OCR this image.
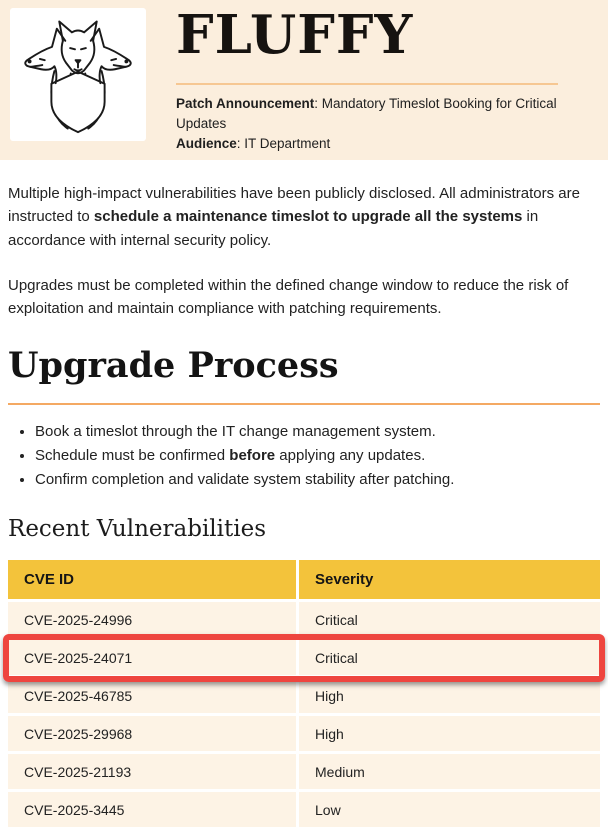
FLUFFY

Patch Announcement: Mandatory Timeslot Booking for Critical Updates
Audience: IT Department

Multiple high-impact vulnerabilities have been publicly disclosed. All administrators are instructed to schedule a maintenance timeslot to upgrade all the systems in accordance with internal security policy.

Upgrades must be completed within the defined change window to reduce the risk of exploitation and maintain compliance with patching requirements.

Upgrade Process
• Book a timeslot through the IT change management system.
• Schedule must be confirmed before applying any updates.
• Confirm completion and validate system stability after patching.
Recent Vulnerabilities
CVE ID	Severity
CVE-2025-24996	Critical
CVE-2025-24071	Critical
CVE-2025-46785	High
CVE-2025-29968	High
CVE-2025-21193	Medium
CVE-2025-3445	Low
